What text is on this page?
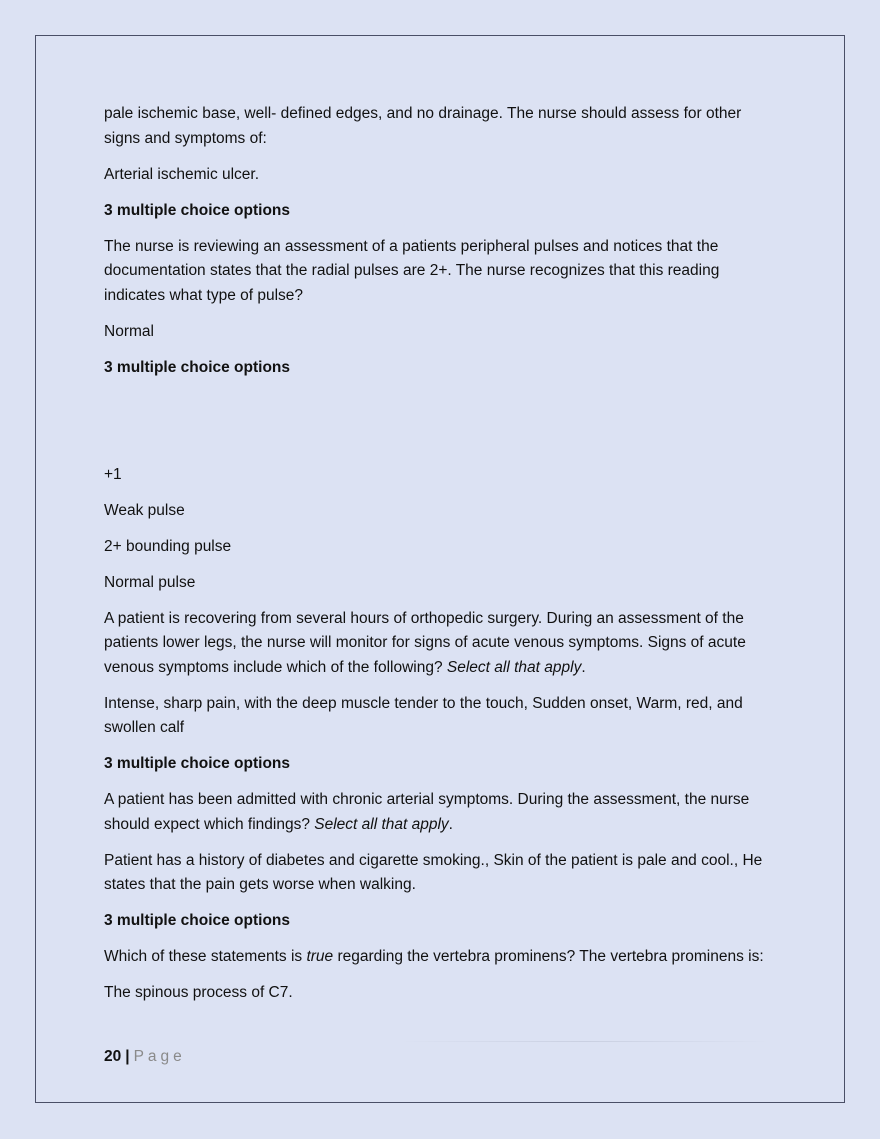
pale ischemic base, well- defined edges, and no drainage. The nurse should assess for other signs and symptoms of:

Arterial ischemic ulcer.

3 multiple choice options

The nurse is reviewing an assessment of a patients peripheral pulses and notices that the documentation states that the radial pulses are 2+. The nurse recognizes that this reading indicates what type of pulse?

Normal

3 multiple choice options

+1

Weak pulse

2+ bounding pulse

Normal pulse

A patient is recovering from several hours of orthopedic surgery. During an assessment of the patients lower legs, the nurse will monitor for signs of acute venous symptoms. Signs of acute venous symptoms include which of the following? Select all that apply.

Intense, sharp pain, with the deep muscle tender to the touch, Sudden onset, Warm, red, and swollen calf

3 multiple choice options

A patient has been admitted with chronic arterial symptoms. During the assessment, the nurse should expect which findings? Select all that apply.

Patient has a history of diabetes and cigarette smoking., Skin of the patient is pale and cool., He states that the pain gets worse when walking.

3 multiple choice options

Which of these statements is true regarding the vertebra prominens? The vertebra prominens is:

The spinous process of C7.

20 | Page
